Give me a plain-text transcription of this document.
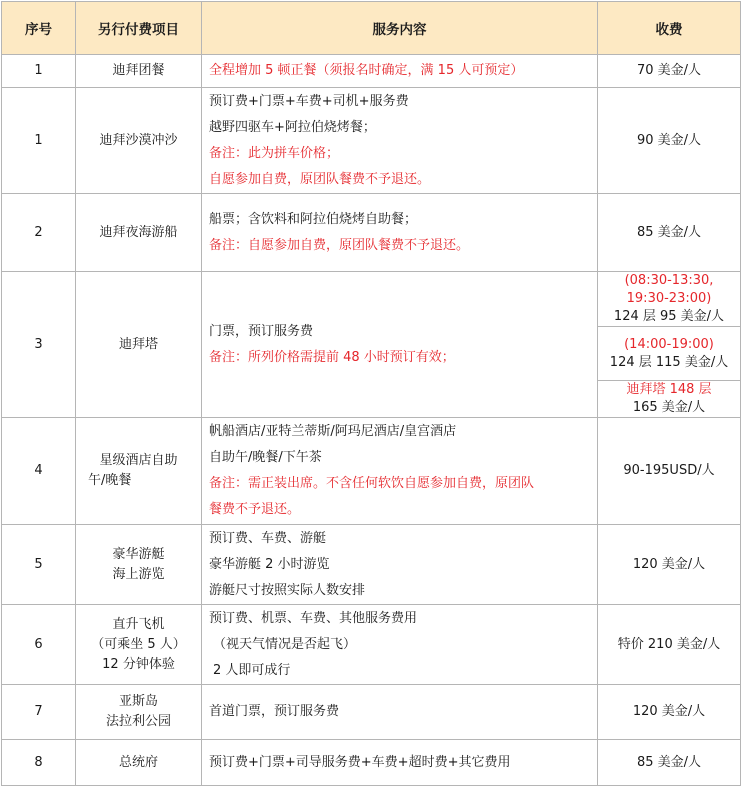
序号	另行付费项目	服务内容	收费
1	迪拜团餐	全程增加 5 顿正餐（须报名时确定，满 15 人可预定）	70 美金/人
1	迪拜沙漠冲沙	预订费+门票+车费+司机+服务费
越野四驱车+阿拉伯烧烤餐；
备注：此为拼车价格；
自愿参加自费，原团队餐费不予退还。	90 美金/人
2	迪拜夜海游船	船票；含饮料和阿拉伯烧烤自助餐；
备注：自愿参加自费，原团队餐费不予退还。	85 美金/人
3	迪拜塔	门票，预订服务费
备注：所列价格需提前 48 小时预订有效；	(08:30-13:30,
19:30-23:00)
124 层 95 美金/人

			(14:00-19:00)
124 层 115 美金/人

			迪拜塔 148 层
165 美金/人

4	星级酒店自助
午/晚餐	帆船酒店/亚特兰蒂斯/阿玛尼酒店/皇宫酒店
自助午/晚餐/下午茶
备注：需正装出席。不含任何软饮自愿参加自费，原团队
餐费不予退还。	90-195USD/人
5	豪华游艇
海上游览	预订费、车费、游艇
豪华游艇 2 小时游览
游艇尺寸按照实际人数安排	120 美金/人
6	直升飞机
（可乘坐 5 人）
12 分钟体验	预订费、机票、车费、其他服务费用
（视天气情况是否起飞）
2 人即可成行	特价 210 美金/人
7	亚斯岛
法拉利公园	首道门票，预订服务费	120 美金/人
8	总统府	预订费+门票+司导服务费+车费+超时费+其它费用	85 美金/人
